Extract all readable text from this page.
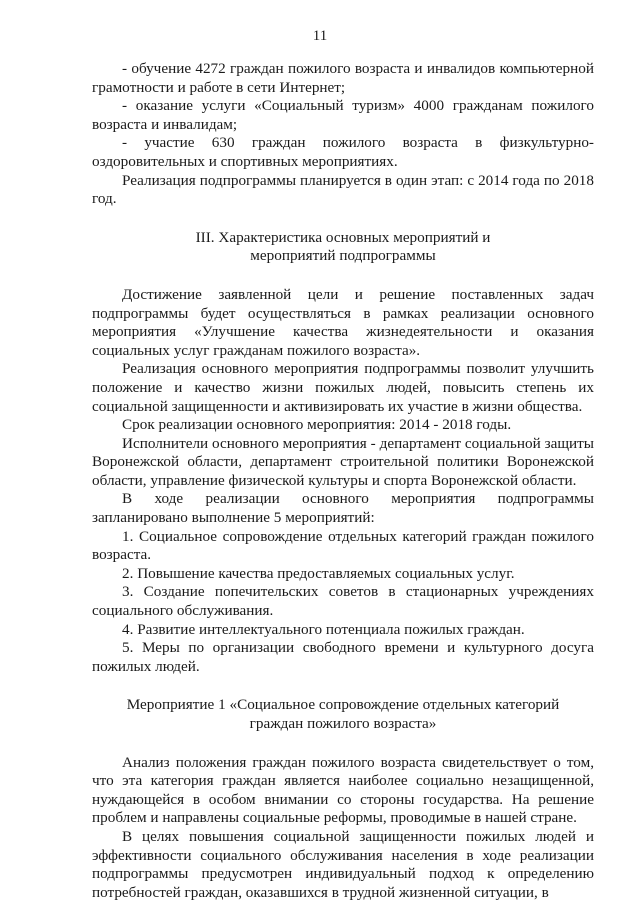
11

- обучение 4272 граждан пожилого возраста и инвалидов компьютерной грамотности и работе в сети Интернет;

- оказание услуги «Социальный туризм» 4000 гражданам пожилого возраста и инвалидам;

- участие 630 граждан пожилого возраста в физкультурно-оздоровительных и спортивных мероприятиях.

Реализация подпрограммы планируется в один этап: с 2014 года по 2018 год.

III. Характеристика основных мероприятий и
мероприятий подпрограммы

Достижение заявленной цели и решение поставленных задач подпрограммы будет осуществляться в рамках реализации основного мероприятия «Улучшение качества жизнедеятельности и оказания социальных услуг гражданам пожилого возраста».

Реализация основного мероприятия подпрограммы позволит улучшить положение и качество жизни пожилых людей, повысить степень их социальной защищенности и активизировать их участие в жизни общества.

Срок реализации основного мероприятия: 2014 - 2018 годы.

Исполнители основного мероприятия - департамент социальной защиты Воронежской области, департамент строительной политики Воронежской области, управление физической культуры и спорта Воронежской области.

В ходе реализации основного мероприятия подпрограммы запланировано выполнение 5 мероприятий:

1. Социальное сопровождение отдельных категорий граждан пожилого возраста.

2. Повышение качества предоставляемых социальных услуг.

3. Создание попечительских советов в стационарных учреждениях социального обслуживания.

4. Развитие интеллектуального потенциала пожилых граждан.

5. Меры по организации свободного времени и культурного досуга пожилых людей.

Мероприятие 1 «Социальное сопровождение отдельных категорий
граждан пожилого возраста»

Анализ положения граждан пожилого возраста свидетельствует о том, что эта категория граждан является наиболее социально незащищенной, нуждающейся в особом внимании со стороны государства. На решение проблем и направлены социальные реформы, проводимые в нашей стране.

В целях повышения социальной защищенности пожилых людей и эффективности социального обслуживания населения в ходе реализации подпрограммы предусмотрен индивидуальный подход к определению потребностей граждан, оказавшихся в трудной жизненной ситуации, в
